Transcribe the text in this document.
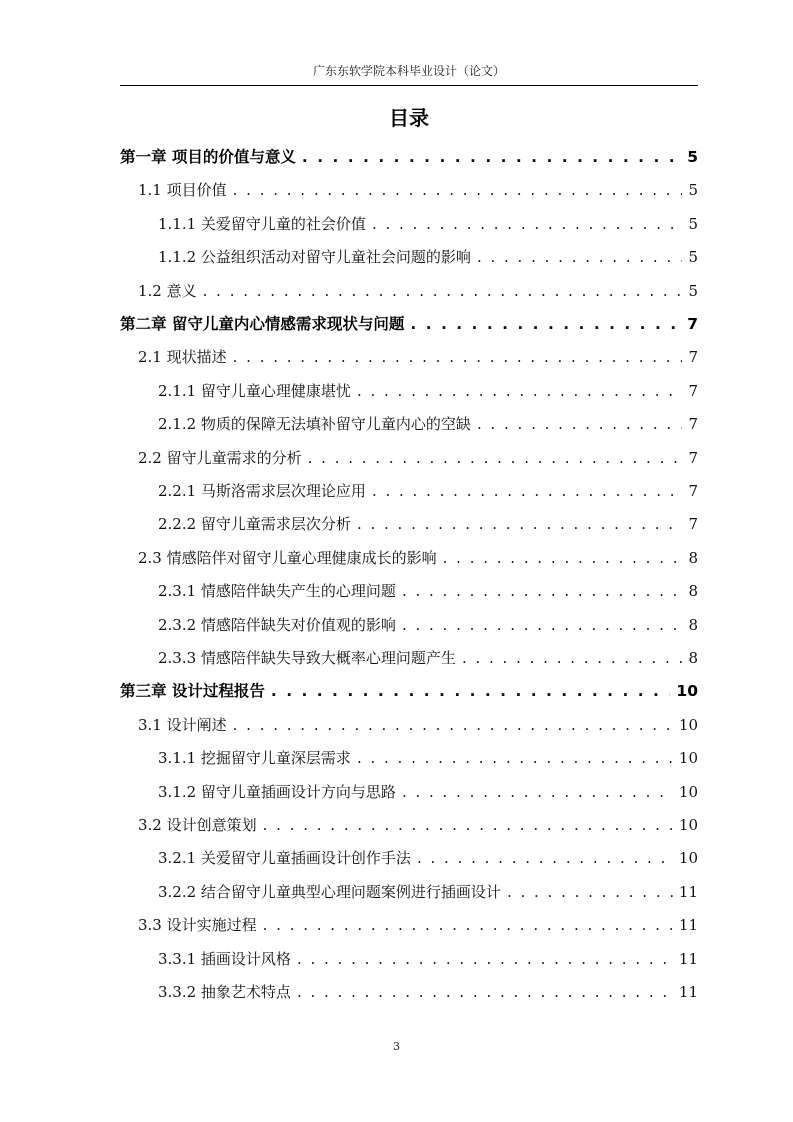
广东东软学院本科毕业设计（论文）
目录
第一章 项目的价值与意义 . . .	5
1.1 项目价值 . . .	5
1.1.1 关爱留守儿童的社会价值 . . .	5
1.1.2 公益组织活动对留守儿童社会问题的影响 . . .	5
1.2 意义 . . .	5
第二章 留守儿童内心情感需求现状与问题 . . .	7
2.1 现状描述 . . .	7
2.1.1 留守儿童心理健康堪忧 . . .	7
2.1.2 物质的保障无法填补留守儿童内心的空缺 . . .	7
2.2 留守儿童需求的分析 . . .	7
2.2.1 马斯洛需求层次理论应用 . . .	7
2.2.2 留守儿童需求层次分析 . . .	7
2.3 情感陪伴对留守儿童心理健康成长的影响 . . .	8
2.3.1 情感陪伴缺失产生的心理问题 . . .	8
2.3.2 情感陪伴缺失对价值观的影响 . . .	8
2.3.3 情感陪伴缺失导致大概率心理问题产生 . . .	8
第三章 设计过程报告 . . .	10
3.1 设计阐述 . . .	10
3.1.1 挖掘留守儿童深层需求 . . .	10
3.1.2 留守儿童插画设计方向与思路 . . .	10
3.2 设计创意策划 . . .	10
3.2.1 关爱留守儿童插画设计创作手法 . . .	10
3.2.2 结合留守儿童典型心理问题案例进行插画设计 . . .	11
3.3 设计实施过程 . . .	11
3.3.1 插画设计风格 . . .	11
3.3.2 抽象艺术特点 . . .	11
3
